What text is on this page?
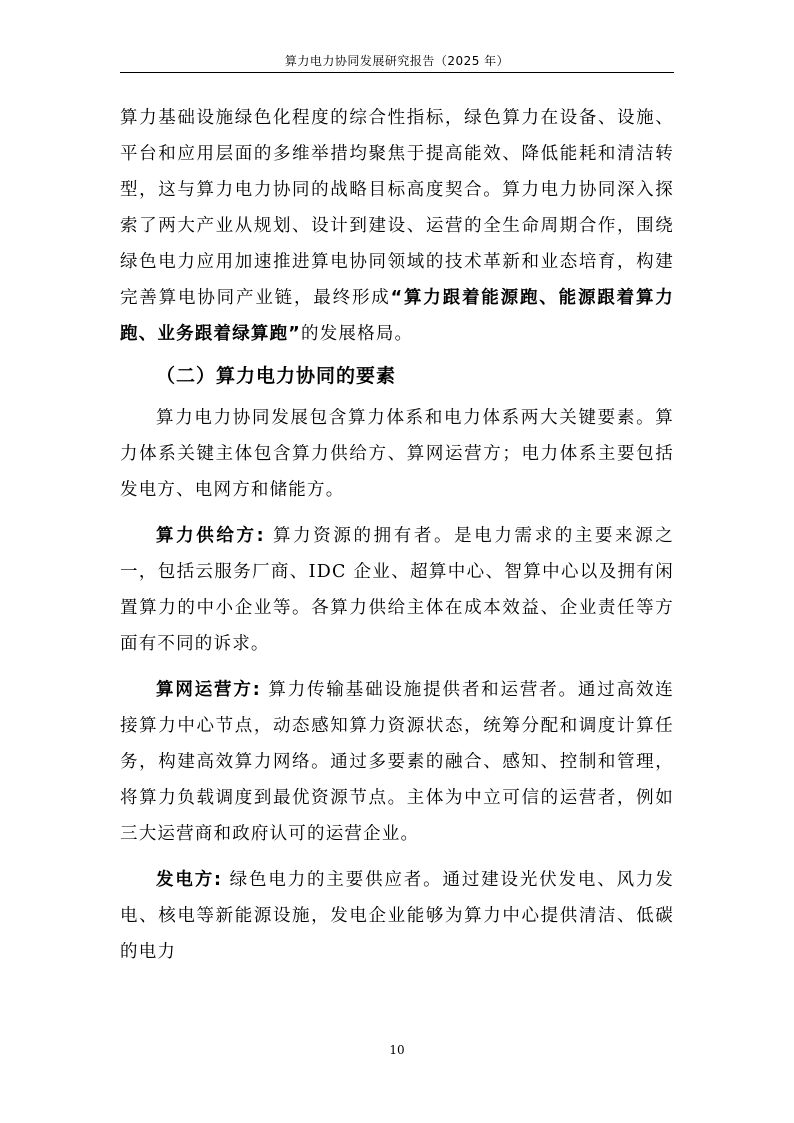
算力电力协同发展研究报告（2025 年）

算力基础设施绿色化程度的综合性指标，绿色算力在设备、设施、平台和应用层面的多维举措均聚焦于提高能效、降低能耗和清洁转型，这与算力电力协同的战略目标高度契合。算力电力协同深入探索了两大产业从规划、设计到建设、运营的全生命周期合作，围绕绿色电力应用加速推进算电协同领域的技术革新和业态培育，构建完善算电协同产业链，最终形成“算力跟着能源跑、能源跟着算力跑、业务跟着绿算跑”的发展格局。

（二）算力电力协同的要素

算力电力协同发展包含算力体系和电力体系两大关键要素。算力体系关键主体包含算力供给方、算网运营方；电力体系主要包括发电方、电网方和储能方。

算力供给方: 算力资源的拥有者。是电力需求的主要来源之一，包括云服务厂商、IDC 企业、超算中心、智算中心以及拥有闲置算力的中小企业等。各算力供给主体在成本效益、企业责任等方面有不同的诉求。

算网运营方: 算力传输基础设施提供者和运营者。通过高效连接算力中心节点，动态感知算力资源状态，统筹分配和调度计算任务，构建高效算力网络。通过多要素的融合、感知、控制和管理，将算力负载调度到最优资源节点。主体为中立可信的运营者，例如三大运营商和政府认可的运营企业。

发电方: 绿色电力的主要供应者。通过建设光伏发电、风力发电、核电等新能源设施，发电企业能够为算力中心提供清洁、低碳的电力

10
